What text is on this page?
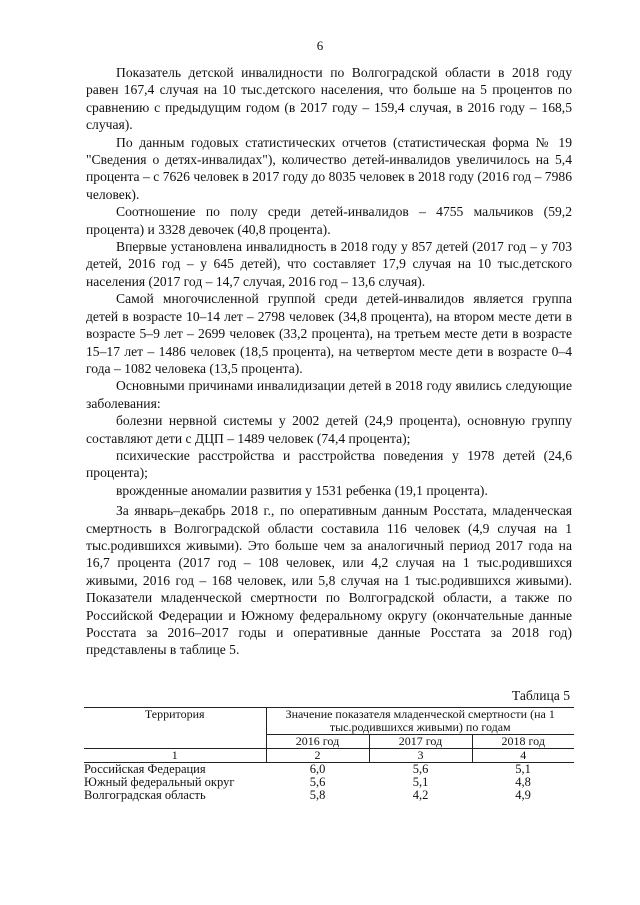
6

Показатель детской инвалидности по Волгоградской области в 2018 году равен 167,4 случая на 10 тыс.детского населения, что больше на 5 процентов по сравнению с предыдущим годом (в 2017 году – 159,4 случая, в 2016 году – 168,5 случая).

По данным годовых статистических отчетов (статистическая форма № 19 "Сведения о детях-инвалидах"), количество детей-инвалидов увеличилось на 5,4 процента – с 7626 человек в 2017 году до 8035 человек в 2018 году (2016 год – 7986 человек).

Соотношение по полу среди детей-инвалидов – 4755 мальчиков (59,2 процента) и 3328 девочек (40,8 процента).

Впервые установлена инвалидность в 2018 году у 857 детей (2017 год – у 703 детей, 2016 год – у 645 детей), что составляет 17,9 случая на 10 тыс.детского населения (2017 год – 14,7 случая, 2016 год – 13,6 случая).

Самой многочисленной группой среди детей-инвалидов является группа детей в возрасте 10–14 лет – 2798 человек (34,8 процента), на втором месте дети в возрасте 5–9 лет – 2699 человек (33,2 процента), на третьем месте дети в возрасте 15–17 лет – 1486 человек (18,5 процента), на четвертом месте дети в возрасте 0–4 года – 1082 человека (13,5 процента).

Основными причинами инвалидизации детей в 2018 году явились следующие заболевания:

болезни нервной системы у 2002 детей (24,9 процента), основную группу составляют дети с ДЦП – 1489 человек (74,4 процента);

психические расстройства и расстройства поведения у 1978 детей (24,6 процента);

врожденные аномалии развития у 1531 ребенка (19,1 процента).

За январь–декабрь 2018 г., по оперативным данным Росстата, младенческая смертность в Волгоградской области составила 116 человек (4,9 случая на 1 тыс.родившихся живыми). Это больше чем за аналогичный период 2017 года на 16,7 процента (2017 год – 108 человек, или 4,2 случая на 1 тыс.родившихся живыми, 2016 год – 168 человек, или 5,8 случая на 1 тыс.родившихся живыми). Показатели младенческой смертности по Волгоградской области, а также по Российской Федерации и Южному федеральному округу (окончательные данные Росстата за 2016–2017 годы и оперативные данные Росстата за 2018 год) представлены в таблице 5.

Таблица 5
Территория	Значение показателя младенческой смертности (на 1 тыс.родившихся живыми) по годам		
	2016 год	2017 год	2018 год
1	2	3	4
Российская Федерация	6,0	5,6	5,1
Южный федеральный округ	5,6	5,1	4,8
Волгоградская область	5,8	4,2	4,9
